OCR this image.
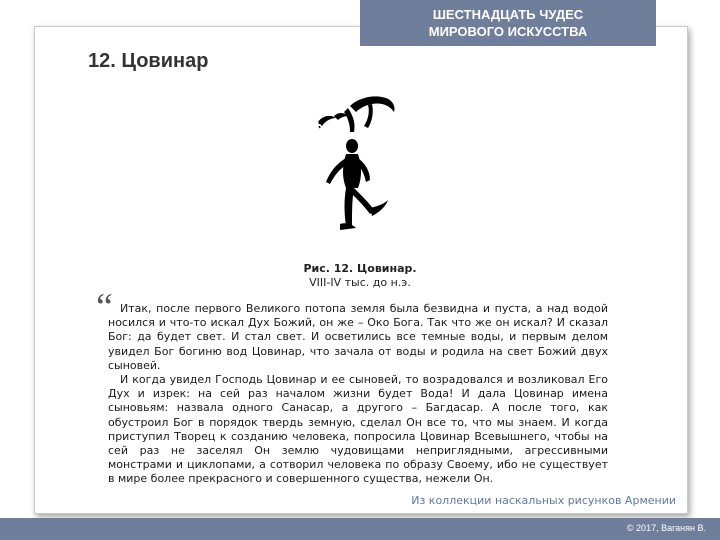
ШЕСТНАДЦАТЬ ЧУДЕС
МИРОВОГО ИСКУССТВА
12. Цовинар
Рис. 12. Цовинар.
VIII-IV тыс. до н.э.
“ Итак, после первого Великого потопа земля была безвидна и пуста, а над водой носился и что-то искал Дух Божий, он же – Око Бога. Так что же он искал? И сказал Бог: да будет свет. И стал свет. И осветились все темные воды, и первым делом увидел Бог богиню вод Цовинар, что зачала от воды и родила на свет Божий двух сыновей.

И когда увидел Господь Цовинар и ее сыновей, то возрадовался и возликовал Его Дух и изрек: на сей раз началом жизни будет Вода! И дала Цовинар имена сыновьям: назвала одного Санасар, а другого – Багдасар. А после того, как обустроил Бог в порядок твердь земную, сделал Он все то, что мы знаем. И когда приступил Творец к созданию человека, попросила Цовинар Всевышнего, чтобы на сей раз не заселял Он землю чудовищами неприглядными, агрессивными монстрами и циклопами, а сотворил человека по образу Своему, ибо не существует в мире более прекрасного и совершенного существа, нежели Он.

Из коллекции наскальных рисунков Армении
© 2017, Ваганян В.
